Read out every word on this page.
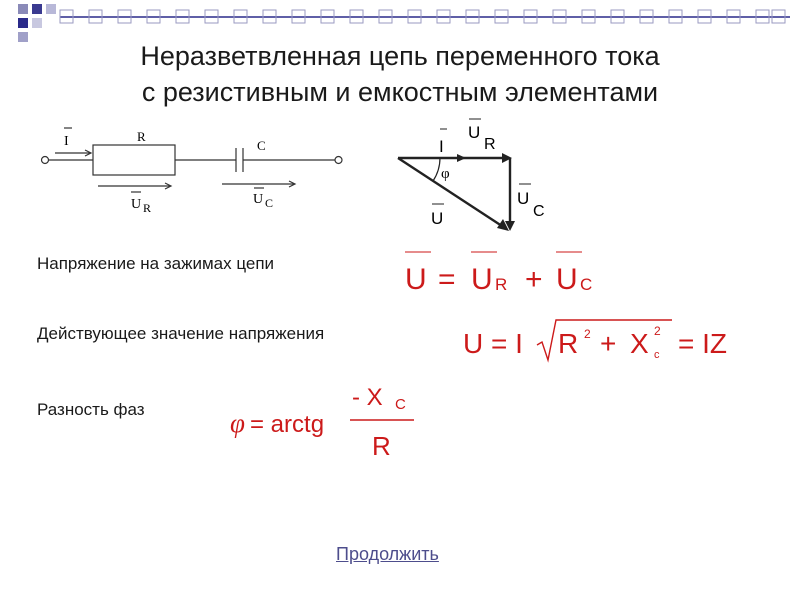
Неразветвленная цепь переменного тока
с резистивным и емкостным элементами
I	R
C
U R
U C
I
U
R
φ
U
U
C
U = U R + U C
U = I R 2 + X 2
c = IZ
φ = arctg
- X C
R
Напряжение на зажимах цепи
Действующее значение напряжения
Разность фаз
Продолжить
